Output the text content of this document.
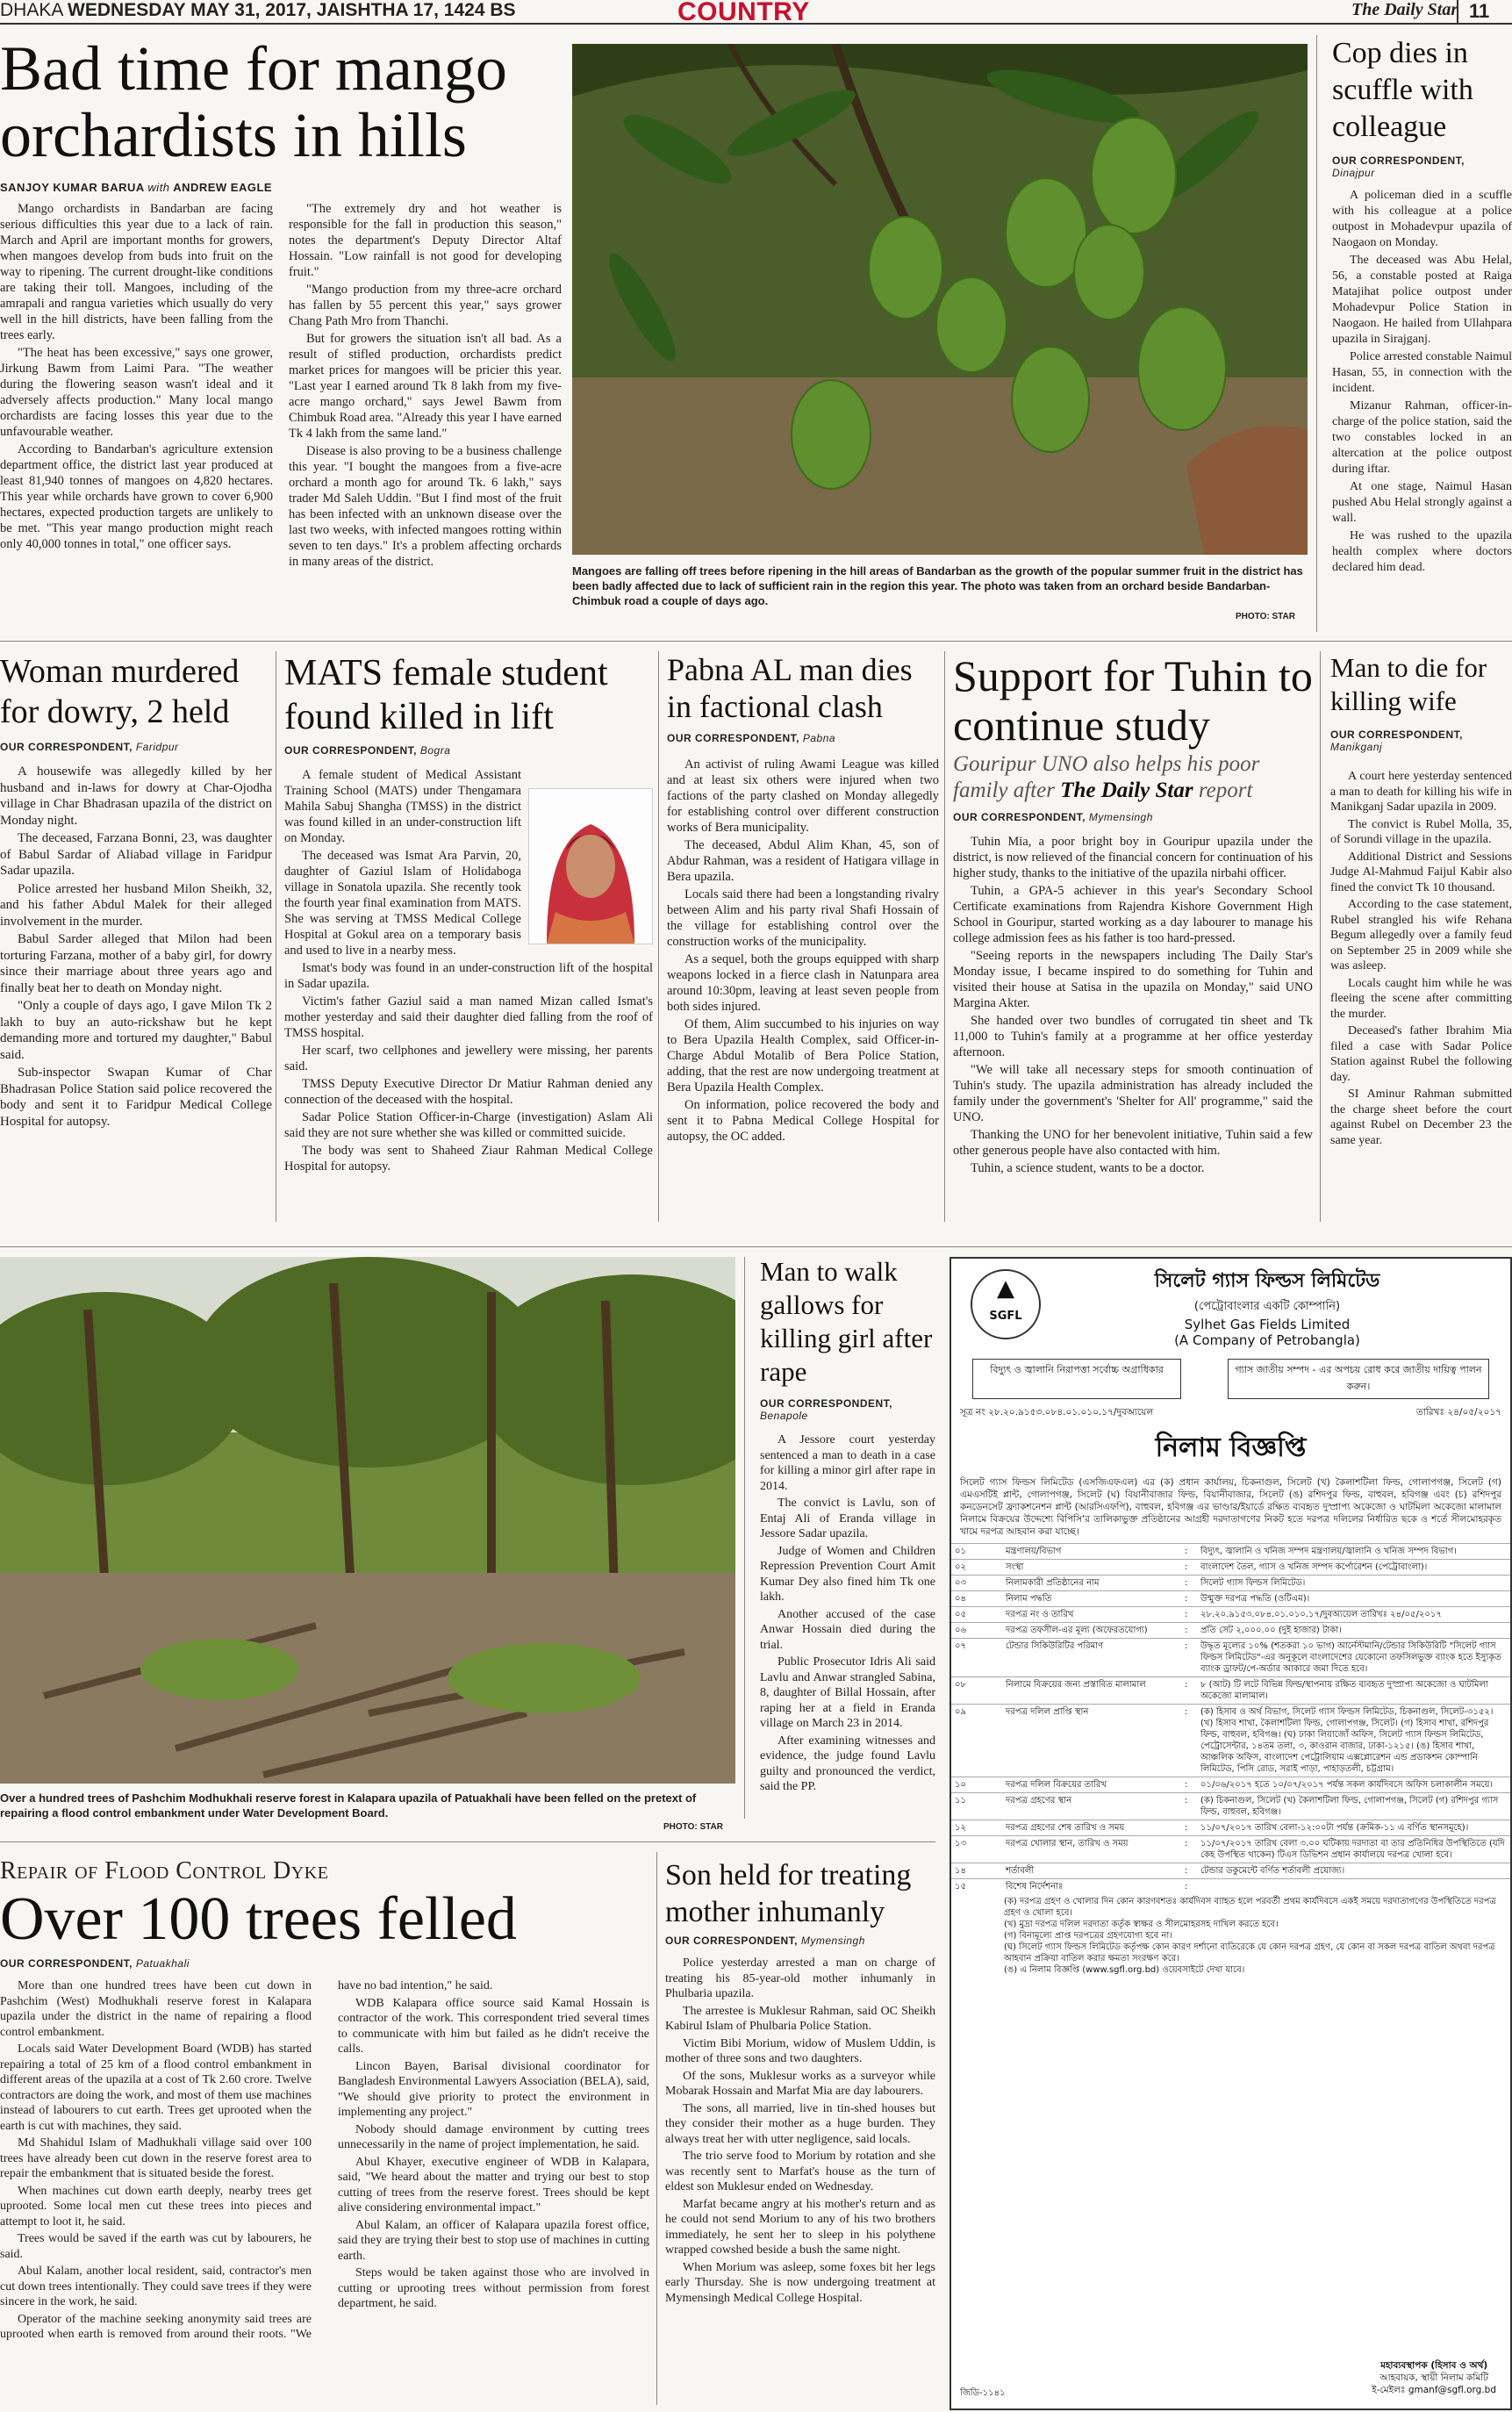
DHAKA WEDNESDAY MAY 31, 2017, JAISHTHA 17, 1424 BS	COUNTRY	The Daily Star 11
Bad time for mango orchardists in hills
SANJOY KUMAR BARUA with ANDREW EAGLE

Mango orchardists in Bandarban are facing serious difficulties this year due to a lack of rain. March and April are important months for growers, when mangoes develop from buds into fruit on the way to ripening. The current drought-like conditions are taking their toll. Mangoes, including of the amrapali and rangua varieties which usually do very well in the hill districts, have been falling from the trees early.

"The heat has been excessive," says one grower, Jirkung Bawm from Laimi Para. "The weather during the flowering season wasn't ideal and it adversely affects production." Many local mango orchardists are facing losses this year due to the unfavourable weather.

According to Bandarban's agriculture extension department office, the district last year produced at least 81,940 tonnes of mangoes on 4,820 hectares. This year while orchards have grown to cover 6,900 hectares, expected production targets are unlikely to be met. "This year mango production might reach only 40,000 tonnes in total," one officer says.

"The extremely dry and hot weather is responsible for the fall in production this season," notes the department's Deputy Director Altaf Hossain. "Low rainfall is not good for developing fruit."

"Mango production from my three-acre orchard has fallen by 55 percent this year," says grower Chang Path Mro from Thanchi.

But for growers the situation isn't all bad. As a result of stifled production, orchardists predict market prices for mangoes will be pricier this year. "Last year I earned around Tk 8 lakh from my five-acre mango orchard," says Jewel Bawm from Chimbuk Road area. "Already this year I have earned Tk 4 lakh from the same land."

Disease is also proving to be a business challenge this year. "I bought the mangoes from a five-acre orchard a month ago for around Tk. 6 lakh," says trader Md Saleh Uddin. "But I find most of the fruit has been infected with an unknown disease over the last two weeks, with infected mangoes rotting within seven to ten days." It's a problem affecting orchards in many areas of the district.

Mangoes are falling off trees before ripening in the hill areas of Bandarban as the growth of the popular summer fruit in the district has been badly affected due to lack of sufficient rain in the region this year. The photo was taken from an orchard beside Bandarban-Chimbuk road a couple of days ago.
PHOTO: STAR
Cop dies in scuffle with colleague
OUR CORRESPONDENT,
Dinajpur

A policeman died in a scuffle with his colleague at a police outpost in Mohadevpur upazila of Naogaon on Monday.

The deceased was Abu Helal, 56, a constable posted at Raiga Matajihat police outpost under Mohadevpur Police Station in Naogaon. He hailed from Ullahpara upazila in Sirajganj.

Police arrested constable Naimul Hasan, 55, in connection with the incident.

Mizanur Rahman, officer-in-charge of the police station, said the two constables locked in an altercation at the police outpost during iftar.

At one stage, Naimul Hasan pushed Abu Helal strongly against a wall.

He was rushed to the upazila health complex where doctors declared him dead.

Woman murdered for dowry, 2 held
OUR CORRESPONDENT, Faridpur

A housewife was allegedly killed by her husband and in-laws for dowry at Char-Ojodha village in Char Bhadrasan upazila of the district on Monday night.

The deceased, Farzana Bonni, 23, was daughter of Babul Sardar of Aliabad village in Faridpur Sadar upazila.

Police arrested her husband Milon Sheikh, 32, and his father Abdul Malek for their alleged involvement in the murder.

Babul Sarder alleged that Milon had been torturing Farzana, mother of a baby girl, for dowry since their marriage about three years ago and finally beat her to death on Monday night.

"Only a couple of days ago, I gave Milon Tk 2 lakh to buy an auto-rickshaw but he kept demanding more and tortured my daughter," Babul said.

Sub-inspector Swapan Kumar of Char Bhadrasan Police Station said police recovered the body and sent it to Faridpur Medical College Hospital for autopsy.

MATS female student found killed in lift
OUR CORRESPONDENT, Bogra

A female student of Medical Assistant Training School (MATS) under Thengamara Mahila Sabuj Shangha (TMSS) in the district was found killed in an under-construction lift on Monday.

The deceased was Ismat Ara Parvin, 20, daughter of Gaziul Islam of Holidaboga village in Sonatola upazila. She recently took the fourth year final examination from MATS. She was serving at TMSS Medical College Hospital at Gokul area on a temporary basis and used to live in a nearby mess.

Ismat's body was found in an under-construction lift of the hospital in Sadar upazila.

Victim's father Gaziul said a man named Mizan called Ismat's mother yesterday and said their daughter died falling from the roof of TMSS hospital.

Her scarf, two cellphones and jewellery were missing, her parents said.

TMSS Deputy Executive Director Dr Matiur Rahman denied any connection of the deceased with the hospital.

Sadar Police Station Officer-in-Charge (investigation) Aslam Ali said they are not sure whether she was killed or committed suicide.

The body was sent to Shaheed Ziaur Rahman Medical College Hospital for autopsy.

Pabna AL man dies in factional clash
OUR CORRESPONDENT, Pabna

An activist of ruling Awami League was killed and at least six others were injured when two factions of the party clashed on Monday allegedly for establishing control over different construction works of Bera municipality.

The deceased, Abdul Alim Khan, 45, son of Abdur Rahman, was a resident of Hatigara village in Bera upazila.

Locals said there had been a longstanding rivalry between Alim and his party rival Shafi Hossain of the village for establishing control over the construction works of the municipality.

As a sequel, both the groups equipped with sharp weapons locked in a fierce clash in Natunpara area around 10:30pm, leaving at least seven people from both sides injured.

Of them, Alim succumbed to his injuries on way to Bera Upazila Health Complex, said Officer-in-Charge Abdul Motalib of Bera Police Station, adding, that the rest are now undergoing treatment at Bera Upazila Health Complex.

On information, police recovered the body and sent it to Pabna Medical College Hospital for autopsy, the OC added.

Support for Tuhin to continue study
Gouripur UNO also helps his poor family after The Daily Star report
OUR CORRESPONDENT, Mymensingh

Tuhin Mia, a poor bright boy in Gouripur upazila under the district, is now relieved of the financial concern for continuation of his higher study, thanks to the initiative of the upazila nirbahi officer.

Tuhin, a GPA-5 achiever in this year's Secondary School Certificate examinations from Rajendra Kishore Government High School in Gouripur, started working as a day labourer to manage his college admission fees as his father is too hard-pressed.

"Seeing reports in the newspapers including The Daily Star's Monday issue, I became inspired to do something for Tuhin and visited their house at Satisa in the upazila on Monday," said UNO Margina Akter.

She handed over two bundles of corrugated tin sheet and Tk 11,000 to Tuhin's family at a programme at her office yesterday afternoon.

"We will take all necessary steps for smooth continuation of Tuhin's study. The upazila administration has already included the family under the government's 'Shelter for All' programme," said the UNO.

Thanking the UNO for her benevolent initiative, Tuhin said a few other generous people have also contacted with him.

Tuhin, a science student, wants to be a doctor.

Man to die for killing wife
OUR CORRESPONDENT,
Manikganj

A court here yesterday sentenced a man to death for killing his wife in Manikganj Sadar upazila in 2009.

The convict is Rubel Molla, 35, of Sorundi village in the upazila.

Additional District and Sessions Judge Al-Mahmud Faijul Kabir also fined the convict Tk 10 thousand.

According to the case statement, Rubel strangled his wife Rehana Begum allegedly over a family feud on September 25 in 2009 while she was asleep.

Locals caught him while he was fleeing the scene after committing the murder.

Deceased's father Ibrahim Mia filed a case with Sadar Police Station against Rubel the following day.

SI Aminur Rahman submitted the charge sheet before the court against Rubel on December 23 the same year.

Over a hundred trees of Pashchim Modhukhali reserve forest in Kalapara upazila of Patuakhali have been felled on the pretext of repairing a flood control embankment under Water Development Board.
PHOTO: STAR
Man to walk gallows for killing girl after rape
OUR CORRESPONDENT,
Benapole

A Jessore court yesterday sentenced a man to death in a case for killing a minor girl after rape in 2014.

The convict is Lavlu, son of Entaj Ali of Eranda village in Jessore Sadar upazila.

Judge of Women and Children Repression Prevention Court Amit Kumar Dey also fined him Tk one lakh.

Another accused of the case Anwar Hossain died during the trial.

Public Prosecutor Idris Ali said Lavlu and Anwar strangled Sabina, 8, daughter of Billal Hossain, after raping her at a field in Eranda village on March 23 in 2014.

After examining witnesses and evidence, the judge found Lavlu guilty and pronounced the verdict, said the PP.

Repair of Flood Control Dyke
Over 100 trees felled
OUR CORRESPONDENT, Patuakhali

More than one hundred trees have been cut down in Pashchim (West) Modhukhali reserve forest in Kalapara upazila under the district in the name of repairing a flood control embankment.

Locals said Water Development Board (WDB) has started repairing a total of 25 km of a flood control embankment in different areas of the upazila at a cost of Tk 2.60 crore. Twelve contractors are doing the work, and most of them use machines instead of labourers to cut earth. Trees get uprooted when the earth is cut with machines, they said.

Md Shahidul Islam of Madhukhali village said over 100 trees have already been cut down in the reserve forest area to repair the embankment that is situated beside the forest.

When machines cut down earth deeply, nearby trees get uprooted. Some local men cut these trees into pieces and attempt to loot it, he said.

Trees would be saved if the earth was cut by labourers, he said.

Abul Kalam, another local resident, said, contractor's men cut down trees intentionally. They could save trees if they were sincere in the work, he said.

Operator of the machine seeking anonymity said trees are uprooted when earth is removed from around their roots. "We have no bad intention," he said.

WDB Kalapara office source said Kamal Hossain is contractor of the work. This correspondent tried several times to communicate with him but failed as he didn't receive the calls.

Lincon Bayen, Barisal divisional coordinator for Bangladesh Environmental Lawyers Association (BELA), said, "We should give priority to protect the environment in implementing any project."

Nobody should damage environment by cutting trees unnecessarily in the name of project implementation, he said.

Abul Khayer, executive engineer of WDB in Kalapara, said, "We heard about the matter and trying our best to stop cutting of trees from the reserve forest. Trees should be kept alive considering environmental impact."

Abul Kalam, an officer of Kalapara upazila forest office, said they are trying their best to stop use of machines in cutting earth.

Steps would be taken against those who are involved in cutting or uprooting trees without permission from forest department, he said.

Son held for treating mother inhumanly
OUR CORRESPONDENT, Mymensingh

Police yesterday arrested a man on charge of treating his 85-year-old mother inhumanly in Phulbaria upazila.

The arrestee is Muklesur Rahman, said OC Sheikh Kabirul Islam of Phulbaria Police Station.

Victim Bibi Morium, widow of Muslem Uddin, is mother of three sons and two daughters.

Of the sons, Muklesur works as a surveyor while Mobarak Hossain and Marfat Mia are day labourers.

The sons, all married, live in tin-shed houses but they consider their mother as a huge burden. They always treat her with utter negligence, said locals.

The trio serve food to Morium by rotation and she was recently sent to Marfat's house as the turn of eldest son Muklesur ended on Wednesday.

Marfat became angry at his mother's return and as he could not send Morium to any of his two brothers immediately, he sent her to sleep in his polythene wrapped cowshed beside a bush the same night.

When Morium was asleep, some foxes bit her legs early Thursday. She is now undergoing treatment at Mymensingh Medical College Hospital.

▲
SGFL
সিলেট গ্যাস ফিল্ডস লিমিটেড
(পেট্রোবাংলার একটি কোম্পানি)
Sylhet Gas Fields Limited
(A Company of Petrobangla)
বিদ্যুৎ ও জ্বালানি নিরাপত্তা সর্বোচ্চ অগ্রাধিকার	গ্যাস জাতীয় সম্পদ - এর অপচয় রোধ করে জাতীয় দায়িত্ব পালন করুন।
সূত্র নং ২৮.২০.৯১৫৩.০৮৪.০১.০১০.১৭/দুবঅ্যয়েল	তারিখঃ ২৪/০৫/২০১৭
নিলাম বিজ্ঞপ্তি
সিলেট গ্যাস ফিল্ডস লিমিটেড (এসজিএফএল) এর (ক) প্রধান কার্যালয়, চিকনাগুল, সিলেট (খ) কৈলাশটিলা ফিল্ড, গোলাপগঞ্জ, সিলেট (গ) এমএসটিই প্লান্ট, গোলাপগঞ্জ, সিলেট (ঘ) বিয়ানীবাজার ফিল্ড, বিয়ানীবাজার, সিলেট (ঙ) রশিদপুর ফিল্ড, বাহুবল, হবিগঞ্জ এবং (চ) রশিদপুর কনডেনসেট ফ্র্যাকশনেশন প্লান্ট (আরসিএফপি), বাহুবল, হবিগঞ্জ এর ভাণ্ডার/ইয়ার্ডে রক্ষিত ব্যবহৃত দুস্প্রাপ্য অকেজো ও ঘাটমিলা অকেজো মালামাল নিলামে বিক্রয়ের উদ্দেশ্যে বিপিসি'র তালিকাভুক্ত প্রতিষ্ঠানের আগ্রহী দরদাতাগণের নিকট হতে দরপত্র দলিলের নির্ধারিত ছকে ও শর্তে সীলমোহরকৃত খামে দরপত্র আহবান করা যাচ্ছে।
০১	মন্ত্রণালয়/বিভাগ	:	বিদ্যুৎ, জ্বালানি ও খনিজ সম্পদ মন্ত্রণালয়/জ্বালানি ও খনিজ সম্পদ বিভাগ।
০২	সংস্থা	:	বাংলাদেশ তৈল, গ্যাস ও খনিজ সম্পদ কর্পোরেশন (পেট্রোবাংলা)।
০৩	নিলামকারী প্রতিষ্ঠানের নাম	:	সিলেট গ্যাস ফিল্ডস লিমিটেড।
০৪	নিলাম পদ্ধতি	:	উন্মুক্ত দরপত্র পদ্ধতি (ওটিএম)।
০৫	দরপত্র নং ও তারিখ	:	২৮.২০.৯১৫৩.০৮৪.০১.০১০.১৭/দুবঅ্যয়েল তারিখঃ ২৪/০৫/২০১৭
০৬	দরপত্র তফসীল-এর মূল্য (অফেরতযোগ্য)	:	প্রতি সেট ২,০০০.০০ (দুই হাজার) টাকা।
০৭	টেন্ডার সিকিউরিটির পরিমাণ	:	উদ্ধৃত মূল্যের ১০% (শতকরা ১০ ভাগ) আর্নেস্টমানি/টেন্ডার সিকিউরিটি "সিলেট গ্যাস ফিল্ডস লিমিটেড"-এর অনুকূলে বাংলাদেশের যেকোনো তফসিলভুক্ত ব্যাংক হতে ইস্যুকৃত ব্যাংক ড্রাফট/পে-অর্ডার আকারে জমা দিতে হবে।
০৮	নিলামে বিক্রয়ের জন্য প্রস্তাবিত মালামাল	:	৮ (আট) টি লটে বিভিন্ন ফিল্ড/স্থাপনায় রক্ষিত ব্যবহৃত দুস্প্রাপ্য অকেজো ও ঘাটমিলা অকেজো মালামাল।
০৯	দরপত্র দলিল প্রাপ্তি স্থান	:	(ক) হিসাব ও অর্থ বিভাগ, সিলেট গ্যাস ফিল্ডস লিমিটেড, চিকনাগুল, সিলেট-৩১৫২। (খ) হিসাব শাখা, কৈলাশটিলা ফিল্ড, গোলাপগঞ্জ, সিলেট। (গ) হিসাব শাখা, রশিদপুর ফিল্ড, বাহুবল, হবিগঞ্জ। (ঘ) ঢাকা লিয়াজোঁ অফিস, সিলেট গ্যাস ফিল্ডস লিমিটেড, পেট্রোসেন্টার, ১৪তম তলা, ৩, কাওরান বাজার, ঢাকা-১২১৫। (ঙ) হিসাব শাখা, আঞ্চলিক অফিস, বাংলাদেশ পেট্রোলিয়াম এক্সপ্লোরেশন এন্ড প্রডাকশন কোম্পানি লিমিটেড, পিসি রোড, সরাই পাড়া, পাহাড়তলী, চট্টগ্রাম।
১০	দরপত্র দলিল বিক্রয়ের তারিখ	:	০১/০৬/২০১৭ হতে ১০/০৭/২০১৭ পর্যন্ত সকল কার্যদিবসে অফিস চলাকালীন সময়ে।
১১	দরপত্র গ্রহণের স্থান	:	(ক) চিকনাগুল, সিলেট (খ) কৈলাশটিলা ফিল্ড, গোলাপগঞ্জ, সিলেট (গ) রশিদপুর গ্যাস ফিল্ড, বাহুবল, হবিগঞ্জ।
১২	দরপত্র গ্রহণের শেষ তারিখ ও সময়	:	১১/০৭/২০১৭ তারিখ বেলা-১২:০০টা পর্যন্ত (ক্রমিক-১১ এ বর্ণিত স্থানসমূহে)।
১৩	দরপত্র খোলার স্থান, তারিখ ও সময়	:	১১/০৭/২০১৭ তারিখ বেলা ৩.০০ ঘটিকায় দরদাতা বা তার প্রতিনিধির উপস্থিতিতে (যদি কেহ উপস্থিত থাকেন) টিএস ডিভিশন প্রধান কার্যালয়ে দরপত্র খোলা হবে।
১৪	শর্তাবলী	:	টেন্ডার ডকুমেন্টে বর্ণিত শর্তাবলী প্রযোজ্য।
১৫	বিশেষ নির্দেশনাঃ	:
(ক) দরপত্র গ্রহণ ও খোলার দিন কোন কারণবশতঃ কার্যদিবস ব্যাহত হলে পরবর্তী প্রথম কার্যদিবসে একই সময়ে দরদাতাগণের উপস্থিতিতে দরপত্র গ্রহণ ও খোলা হবে।
(খ) মুদ্রা দরপত্র দলিল দরদাতা কর্তৃক স্বাক্ষর ও সীলমোহরসহ দাখিল করতে হবে।
(গ) বিনামূল্যে প্রাপ্ত দরপত্রের গ্রহণযোগ্য হবে না।
(ঘ) সিলেট গ্যাস ফিল্ডস লিমিটেড কর্তৃপক্ষ কোন কারণ দর্শানো ব্যতিরেকে যে কোন দরপত্র গ্রহণ, যে কোন বা সকল দরপত্র বাতিল অথবা দরপত্র আহবান প্রক্রিয়া বাতিল করার ক্ষমতা সংরক্ষণ করে।
(ঙ) এ নিলাম বিজ্ঞপ্তি (www.sgfl.org.bd) ওয়েবসাইটে দেখা যাবে।
মহাব্যবস্থাপক (হিসাব ও অর্থ)
আহবায়ক, স্থায়ী নিলাম কমিটি
ই-মেইলঃ gmanf@sgfl.org.bd
জিডি-১১৪১
